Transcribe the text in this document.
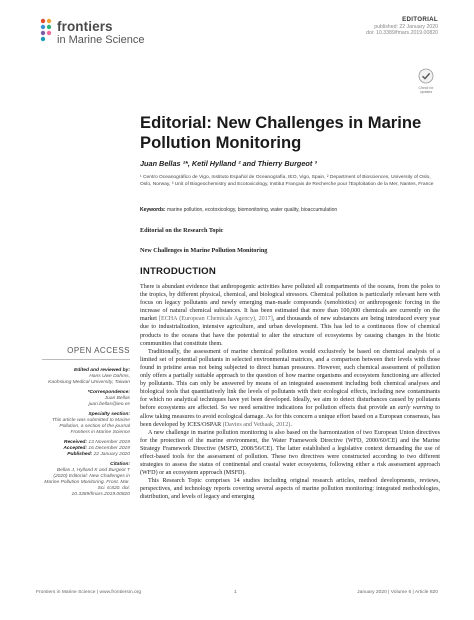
frontiers
in Marine Science
EDITORIAL
published: 22 January 2020
doi: 10.3389/fmars.2019.00820
Check for updates
Editorial: New Challenges in Marine Pollution Monitoring
Juan Bellas ¹*, Ketil Hylland ² and Thierry Burgeot ³
¹ Centro Oceanográfico de Vigo, Instituto Español de Oceanografía, IEO, Vigo, Spain, ² Department of Biosciences, University of Oslo, Oslo, Norway, ³ Unit of Biogeochemistry and Ecotoxicology, Institut Français de Recherche pour l'Exploitation de la Mer, Nantes, France
Keywords: marine pollution, ecotoxicology, biomonitoring, water quality, bioaccumulation
Editorial on the Research Topic
New Challenges in Marine Pollution Monitoring
INTRODUCTION

There is abundant evidence that anthropogenic activities have polluted all compartments of the oceans, from the poles to the tropics, by different physical, chemical, and biological stressors. Chemical pollution is particularly relevant here with focus on legacy pollutants and newly emerging man-made compounds (xenobiotics) or anthropogenic forcing in the increase of natural chemical substances. It has been estimated that more than 100,000 chemicals are currently on the market [ECHA (European Chemicals Agency), 2017], and thousands of new substances are being introduced every year due to industrialization, intensive agriculture, and urban development. This has led to a continuous flow of chemical products to the oceans that have the potential to alter the structure of ecosystems by causing changes in the biotic communities that constitute them.

Traditionally, the assessment of marine chemical pollution would exclusively be based on chemical analysis of a limited set of potential pollutants in selected environmental matrices, and a comparison between their levels with those found in pristine areas not being subjected to direct human pressures. However, such chemical assessment of pollution only offers a partially suitable approach to the question of how marine organisms and ecosystem functioning are affected by pollutants. This can only be answered by means of an integrated assessment including both chemical analyses and biological tools that quantitatively link the levels of pollutants with their ecological effects, including new contaminants for which no analytical techniques have yet been developed. Ideally, we aim to detect disturbances caused by pollutants before ecosystems are affected. So we need sensitive indications for pollution effects that provide an early warning to allow taking measures to avoid ecological damage. As for this concern a unique effort based on a European consensus, has been developed by ICES/OSPAR (Davies and Vethaak, 2012).

A new challenge in marine pollution monitoring is also based on the harmonization of two European Union directives for the protection of the marine environment, the Water Framework Directive (WFD, 2000/60/CE) and the Marine Strategy Framework Directive (MSFD, 2008/56/CE). The latter established a legislative context demanding the use of effect-based tools for the assessment of pollution. These two directives were constructed according to two different strategies to assess the status of continental and coastal water ecosystems, following either a risk assessment approach (WFD) or an ecosystem approach (MSFD).

This Research Topic comprises 14 studies including original research articles, method developments, reviews, perspectives, and technology reports covering several aspects of marine pollution monitoring: integrated methodologies, distribution, and levels of legacy and emerging

OPEN ACCESS
Edited and reviewed by:
Hans Uwe Dahms,
Kaohsiung Medical University, Taiwan
*Correspondence:
Juan Bellas
juan.bellas@ieo.es
Specialty section:
This article was submitted to Marine Pollution, a section of the journal Frontiers in Marine Science
Received: 13 November 2019
Accepted: 16 December 2019
Published: 22 January 2020
Citation:
Bellas J, Hylland K and Burgeot T (2020) Editorial: New Challenges in Marine Pollution Monitoring. Front. Mar. Sci. 6:820. doi: 10.3389/fmars.2019.00820
Frontiers in Marine Science | www.frontiersin.org	1	January 2020 | Volume 6 | Article 820
